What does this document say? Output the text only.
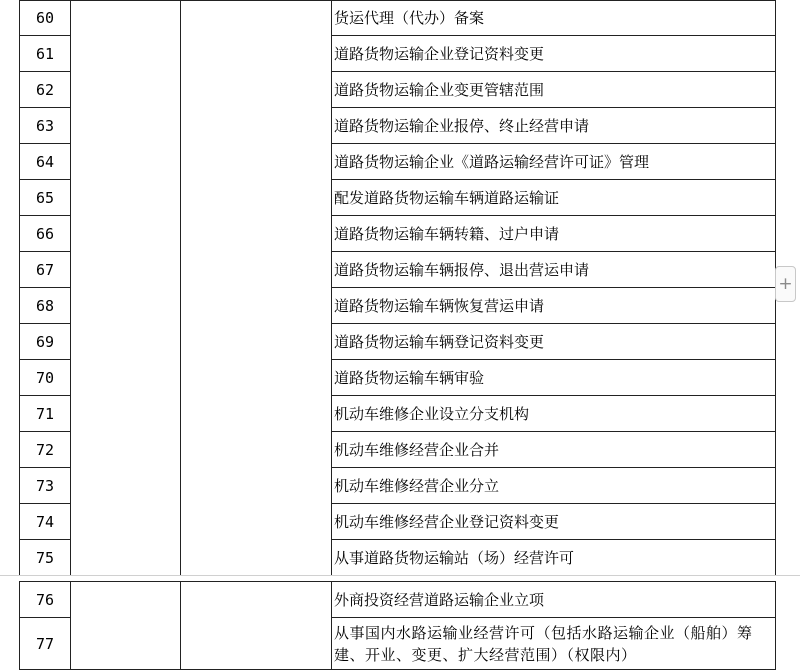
60			货运代理（代办）备案
61			道路货物运输企业登记资料变更
62			道路货物运输企业变更管辖范围
63			道路货物运输企业报停、终止经营申请
64			道路货物运输企业《道路运输经营许可证》管理
65			配发道路货物运输车辆道路运输证
66			道路货物运输车辆转籍、过户申请
67			道路货物运输车辆报停、退出营运申请
68			道路货物运输车辆恢复营运申请
69			道路货物运输车辆登记资料变更
70			道路货物运输车辆审验
71			机动车维修企业设立分支机构
72			机动车维修经营企业合并
73			机动车维修经营企业分立
74			机动车维修经营企业登记资料变更
75			从事道路货物运输站（场）经营许可
76			外商投资经营道路运输企业立项
77			从事国内水路运输业经营许可（包括水路运输企业（船舶）筹建、开业、变更、扩大经营范围）（权限内）
+
